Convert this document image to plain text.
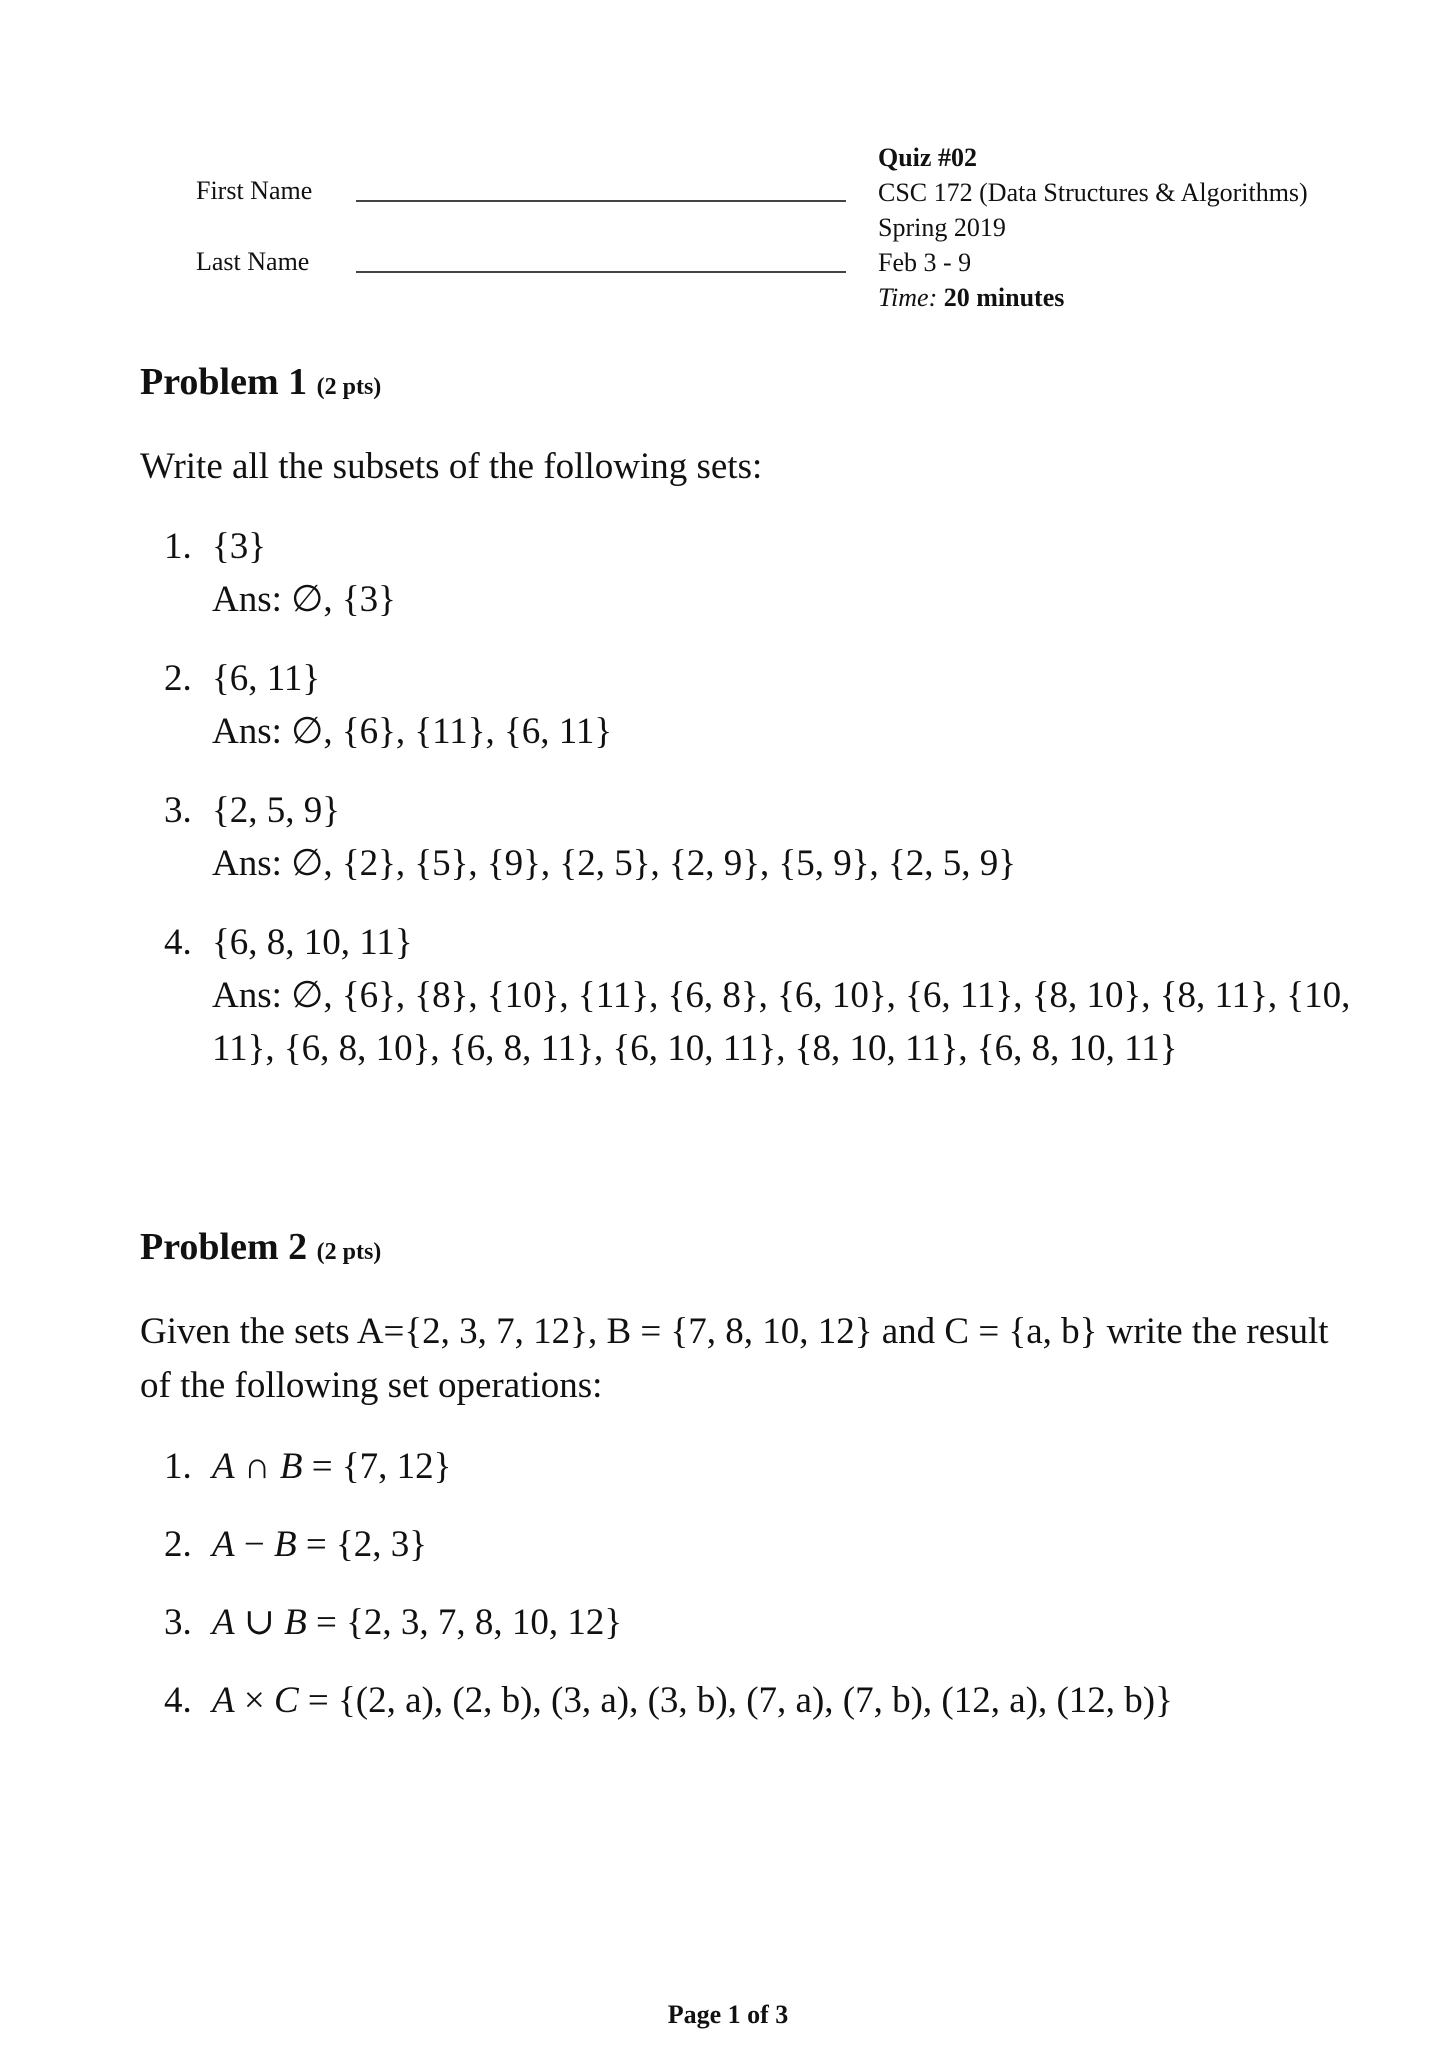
First Name
Last Name
Quiz #02
CSC 172 (Data Structures & Algorithms)
Spring 2019
Feb 3 - 9
Time: 20 minutes
Problem 1 (2 pts)
Write all the subsets of the following sets:
1. {3}
Ans: ∅, {3}
2. {6, 11}
Ans: ∅, {6}, {11}, {6, 11}
3. {2, 5, 9}
Ans: ∅, {2}, {5}, {9}, {2, 5}, {2, 9}, {5, 9}, {2, 5, 9}
4. {6, 8, 10, 11}
Ans: ∅, {6}, {8}, {10}, {11}, {6, 8}, {6, 10}, {6, 11}, {8, 10}, {8, 11}, {10, 11}, {6, 8, 10}, {6, 8, 11}, {6, 10, 11}, {8, 10, 11}, {6, 8, 10, 11}
Problem 2 (2 pts)
Given the sets A={2, 3, 7, 12}, B = {7, 8, 10, 12} and C = {a, b} write the result of the following set operations:
1. A ∩ B = {7, 12}
2. A − B = {2, 3}
3. A ∪ B = {2, 3, 7, 8, 10, 12}
4. A × C = {(2, a), (2, b), (3, a), (3, b), (7, a), (7, b), (12, a), (12, b)}
Page 1 of 3
